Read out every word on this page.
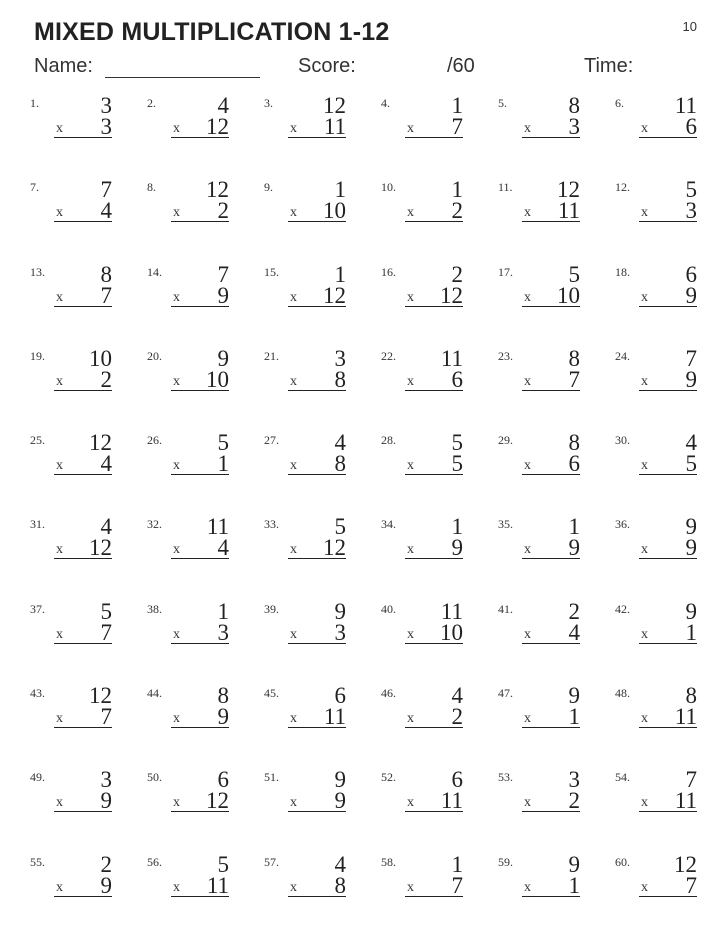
10
MIXED MULTIPLICATION 1-12
Name:	Score:	/60	Time:
1.	3
x 3
2.	4
x 12
3. 12
x 11
4.	1
x 7
5.	8
x 3
6. 11
x 6
7.	7
x 4
8. 12
x 2
9.	1
x 10
10. 1
x 2
11. 12
x 11
12. 5
x 3
13. 8
x 7
14. 7
x 9
15. 1
x 12
16. 2
x 12
17. 5
x 10
18. 6
x 9
19. 10
x 2
20. 9
x 10
21. 3
x 8
22. 11
x 6
23. 8
x 7
24. 7
x 9
25. 12
x 4
26. 5
x 1
27. 4
x 8
28. 5
x 5
29. 8
x 6
30. 4
x 5
31. 4
x 12
32. 11
x 4
33. 5
x 12
34. 1
x 9
35. 1
x 9
36. 9
x 9
37. 5
x 7
38. 1
x 3
39. 9
x 3
40. 11
x 10
41. 2
x 4
42. 9
x 1
43. 12
x 7
44. 8
x 9
45. 6
x 11
46. 4
x 2
47. 9
x 1
48. 8
x 11
49. 3
x 9
50. 6
x 12
51. 9
x 9
52. 6
x 11
53. 3
x 2
54. 7
x 11
55. 2
x 9
56. 5
x 11
57. 4
x 8
58. 1
x 7
59. 9
x 1
60. 12
x 7
